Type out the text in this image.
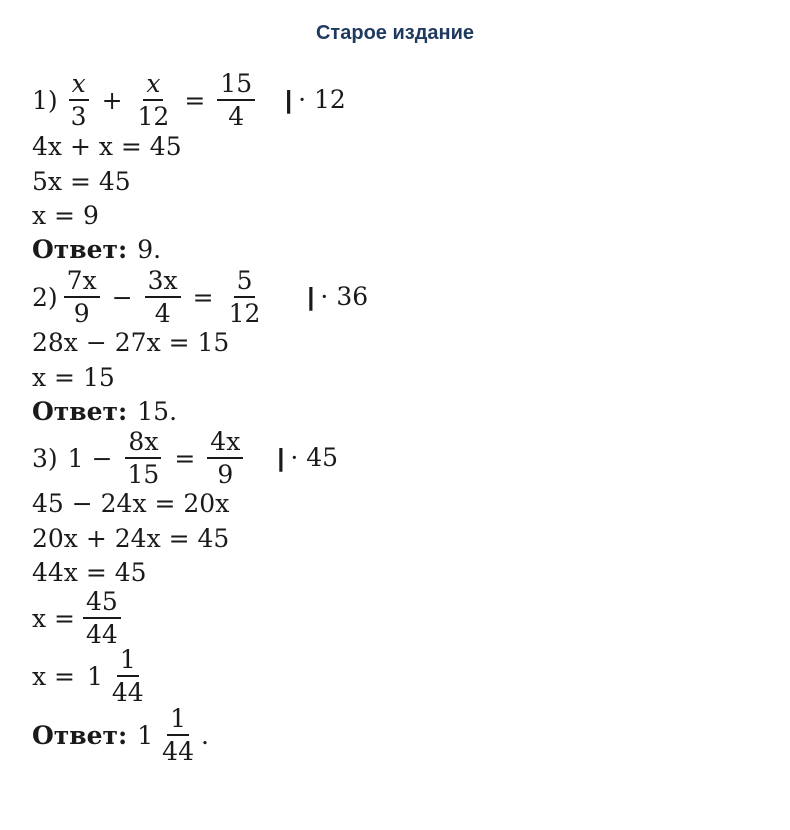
Старое издание
$1) \frac{x}{3} + \frac{x}{12} = \frac{15}{4}$ | · 12
4x + x = 45
5x = 45
x = 9
Ответ: 9.
$2) \frac{7x}{9} - \frac{3x}{4} = \frac{5}{12}$ | · 36
28x − 27x = 15
x = 15
Ответ: 15.
3) $1 - \frac{8x}{15} = \frac{4x}{9}$ | · 45
45 − 24x = 20x
20x + 24x = 45
44x = 45
$x = \frac{45}{44}$
$x = 1 \frac{1}{44}$
Ответ: $1 \frac{1}{44}$ .
